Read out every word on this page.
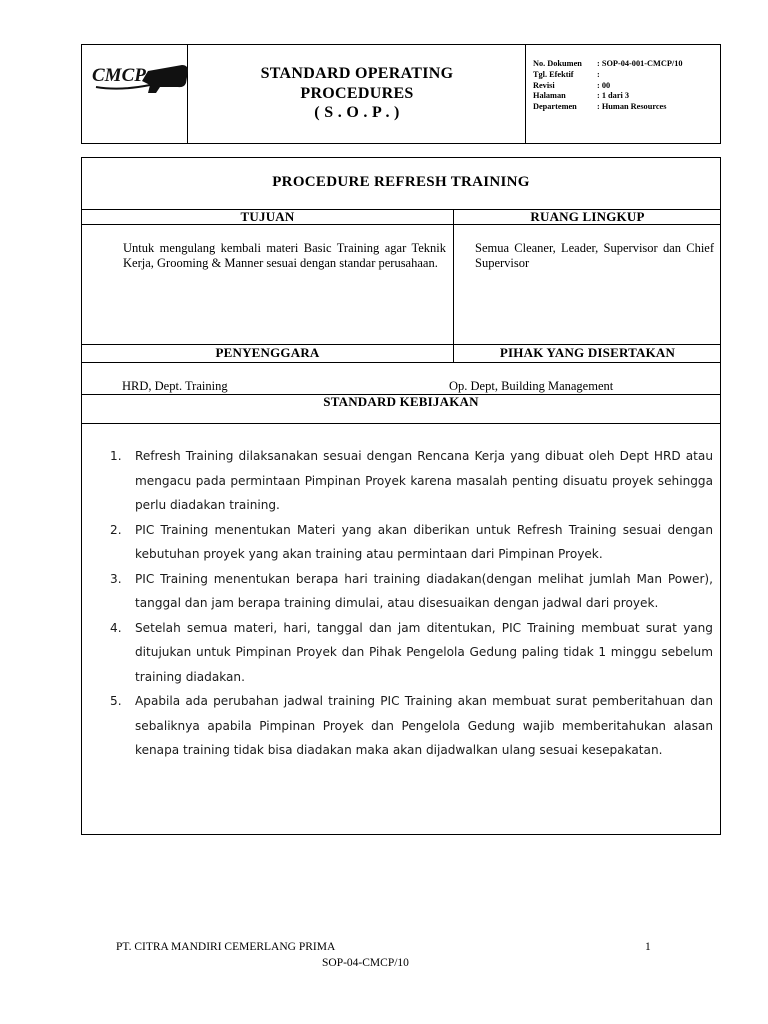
CMCP	STANDARD OPERATING
PROCEDURES
( S . O . P . )
No. Dokumen	: SOP-04-001-CMCP/10
Tgl. Efektif	:
Revisi	: 00
Halaman	: 1 dari 3
Departemen	: Human Resources
PROCEDURE REFRESH TRAINING
TUJUAN	RUANG LINGKUP
Untuk mengulang kembali materi Basic Training agar Teknik Kerja, Grooming & Manner sesuai dengan standar perusahaan.
Semua Cleaner, Leader, Supervisor dan Chief Supervisor
PENYENGGARA	PIHAK YANG DISERTAKAN
HRD, Dept. Training	Op. Dept, Building Management
STANDARD KEBIJAKAN
1. Refresh Training dilaksanakan sesuai dengan Rencana Kerja yang dibuat oleh Dept HRD atau mengacu pada permintaan Pimpinan Proyek karena masalah penting disuatu proyek sehingga perlu diadakan training.
2. PIC Training menentukan Materi yang akan diberikan untuk Refresh Training sesuai dengan kebutuhan proyek yang akan training atau permintaan dari Pimpinan Proyek.
3. PIC Training menentukan berapa hari training diadakan(dengan melihat jumlah Man Power), tanggal dan jam berapa training dimulai, atau disesuaikan dengan jadwal dari proyek.
4. Setelah semua materi, hari, tanggal dan jam ditentukan, PIC Training membuat surat yang ditujukan untuk Pimpinan Proyek dan Pihak Pengelola Gedung paling tidak 1 minggu sebelum training diadakan.
5. Apabila ada perubahan jadwal training PIC Training akan membuat surat pemberitahuan dan sebaliknya apabila Pimpinan Proyek dan Pengelola Gedung wajib memberitahukan alasan kenapa training tidak bisa diadakan maka akan dijadwalkan ulang sesuai kesepakatan.
PT. CITRA MANDIRI CEMERLANG PRIMA	1
SOP-04-CMCP/10
